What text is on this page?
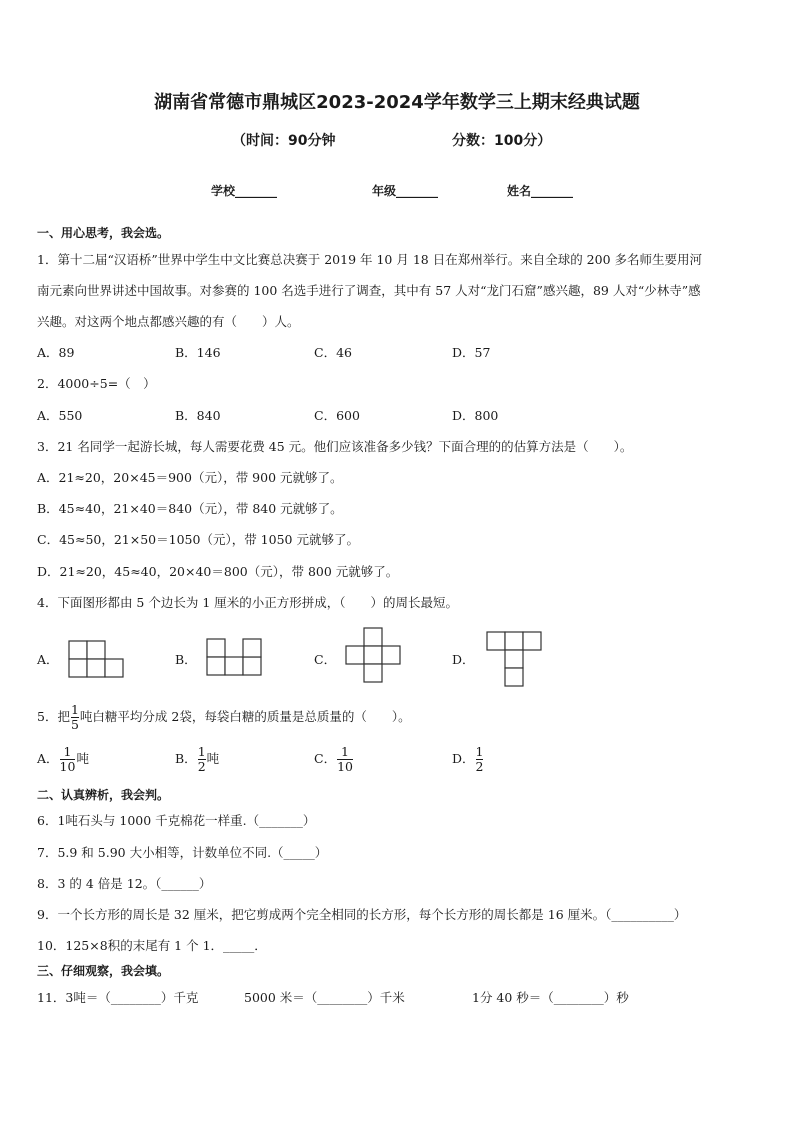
湖南省常德市鼎城区2023-2024学年数学三上期末经典试题
（时间：90分钟	分数：100分）
学校_______	年级_______	姓名_______
一、用心思考，我会选。
1．第十二届“汉语桥”世界中学生中文比赛总决赛于 2019 年 10 月 18 日在郑州举行。来自全球的 200 多名师生要用河
南元素向世界讲述中国故事。对参赛的 100 名选手进行了调查，其中有 57 人对“龙门石窟”感兴趣，89 人对“少林寺”感
兴趣。对这两个地点都感兴趣的有（　　）人。
A．89	B．146	C．46	D．57
2．4000÷5=（　）
A．550	B．840	C．600	D．800
3．21 名同学一起游长城，每人需要花费 45 元。他们应该准备多少钱？下面合理的的估算方法是（　　）。
A．21≈20，20×45＝900（元），带 900 元就够了。
B．45≈40，21×40＝840（元），带 840 元就够了。
C．45≈50，21×50＝1050（元），带 1050 元就够了。
D．21≈20，45≈40，20×40＝800（元），带 800 元就够了。
4．下面图形都由 5 个边长为 1 厘米的小正方形拼成，（　　）的周长最短。
A．	B．	C．	D．
5．把 $\frac{1}{5}$ 吨白糖平均分成 2袋，每袋白糖的质量是总质量的（　　）。
A． $\frac{1}{10}$ 吨	B． $\frac{1}{2}$ 吨	C． $\frac{1}{10}$	D． $\frac{1}{2}$
二、认真辨析，我会判。
6．1吨石头与 1000 千克棉花一样重.（_______）
7．5.9 和 5.90 大小相等，计数单位不同.（_____）
8．3 的 4 倍是 12。（______）
9．一个长方形的周长是 32 厘米，把它剪成两个完全相同的长方形，每个长方形的周长都是 16 厘米。（__________）
10．125×8积的末尾有 1 个 1．_____．
三、仔细观察，我会填。
11．3吨＝（________）千克	5000 米＝（________）千米	1分 40 秒＝（________）秒
